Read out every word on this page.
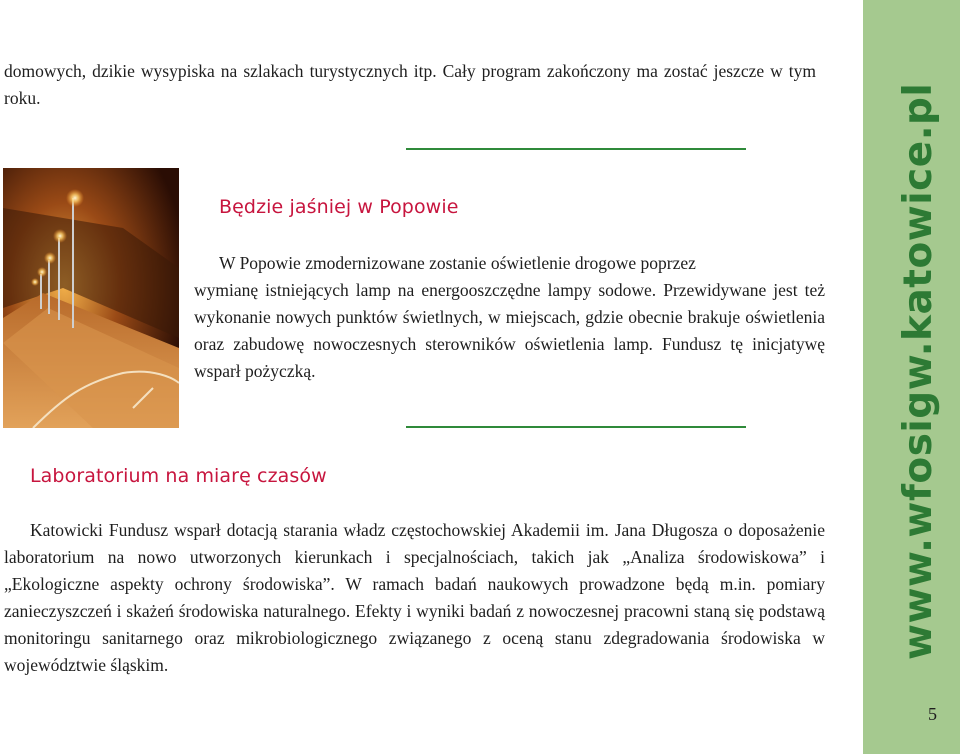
domowych, dzikie wysypiska na szlakach turystycznych itp. Cały program zakończony ma zostać jeszcze w tym roku.

Będzie jaśniej w Popowie

W Popowie zmodernizowane zostanie oświetlenie drogowe poprzez
wymianę istniejących lamp na energooszczędne lampy sodowe. Przewidywane jest też wykonanie nowych punktów świetlnych, w miejscach, gdzie obecnie brakuje oświetlenia oraz zabudowę nowoczesnych sterowników oświetlenia lamp. Fundusz tę inicjatywę wsparł pożyczką.

Laboratorium na miarę czasów

Katowicki Fundusz wsparł dotacją starania władz częstochowskiej Akademii im. Jana Długosza o doposażenie laboratorium na nowo utworzonych kierunkach i specjalnościach, takich jak „Analiza środowiskowa” i „Ekologiczne aspekty ochrony środowiska”. W ramach badań naukowych prowadzone będą m.in. pomiary zanieczyszczeń i skażeń środowiska naturalnego. Efekty i wyniki badań z nowoczesnej pracowni staną się podstawą monitoringu sanitarnego oraz mikrobiologicznego związanego z oceną stanu zdegradowania środowiska w województwie śląskim.

www.wfosigw.katowice.pl
5
